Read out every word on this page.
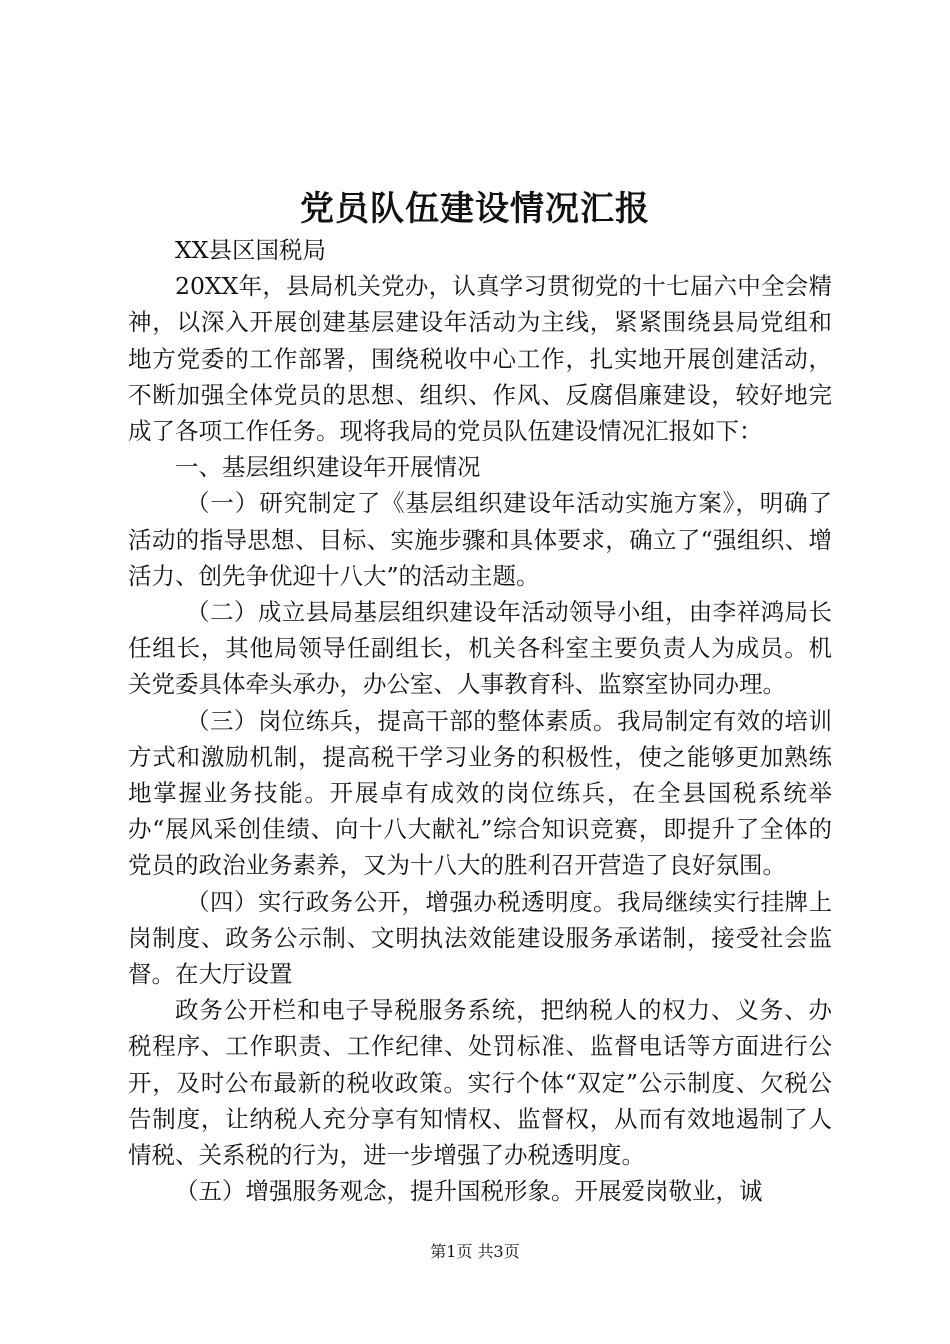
党员队伍建设情况汇报

XX县区国税局

20XX年，县局机关党办，认真学习贯彻党的十七届六中全会精神，以深入开展创建基层建设年活动为主线，紧紧围绕县局党组和地方党委的工作部署，围绕税收中心工作，扎实地开展创建活动，不断加强全体党员的思想、组织、作风、反腐倡廉建设，较好地完成了各项工作任务。现将我局的党员队伍建设情况汇报如下：

一、基层组织建设年开展情况

（一）研究制定了《基层组织建设年活动实施方案》，明确了活动的指导思想、目标、实施步骤和具体要求，确立了“强组织、增活力、创先争优迎十八大”的活动主题。

（二）成立县局基层组织建设年活动领导小组，由李祥鸿局长任组长，其他局领导任副组长，机关各科室主要负责人为成员。机关党委具体牵头承办，办公室、人事教育科、监察室协同办理。

（三）岗位练兵，提高干部的整体素质。我局制定有效的培训方式和激励机制，提高税干学习业务的积极性，使之能够更加熟练地掌握业务技能。开展卓有成效的岗位练兵，在全县国税系统举办“展风采创佳绩、向十八大献礼”综合知识竞赛，即提升了全体的党员的政治业务素养，又为十八大的胜利召开营造了良好氛围。

（四）实行政务公开，增强办税透明度。我局继续实行挂牌上岗制度、政务公示制、文明执法效能建设服务承诺制，接受社会监督。在大厅设置

政务公开栏和电子导税服务系统，把纳税人的权力、义务、办税程序、工作职责、工作纪律、处罚标准、监督电话等方面进行公开，及时公布最新的税收政策。实行个体“双定”公示制度、欠税公告制度，让纳税人充分享有知情权、监督权，从而有效地遏制了人情税、关系税的行为，进一步增强了办税透明度。

（五）增强服务观念，提升国税形象。开展爱岗敬业，诚

第1页 共3页
